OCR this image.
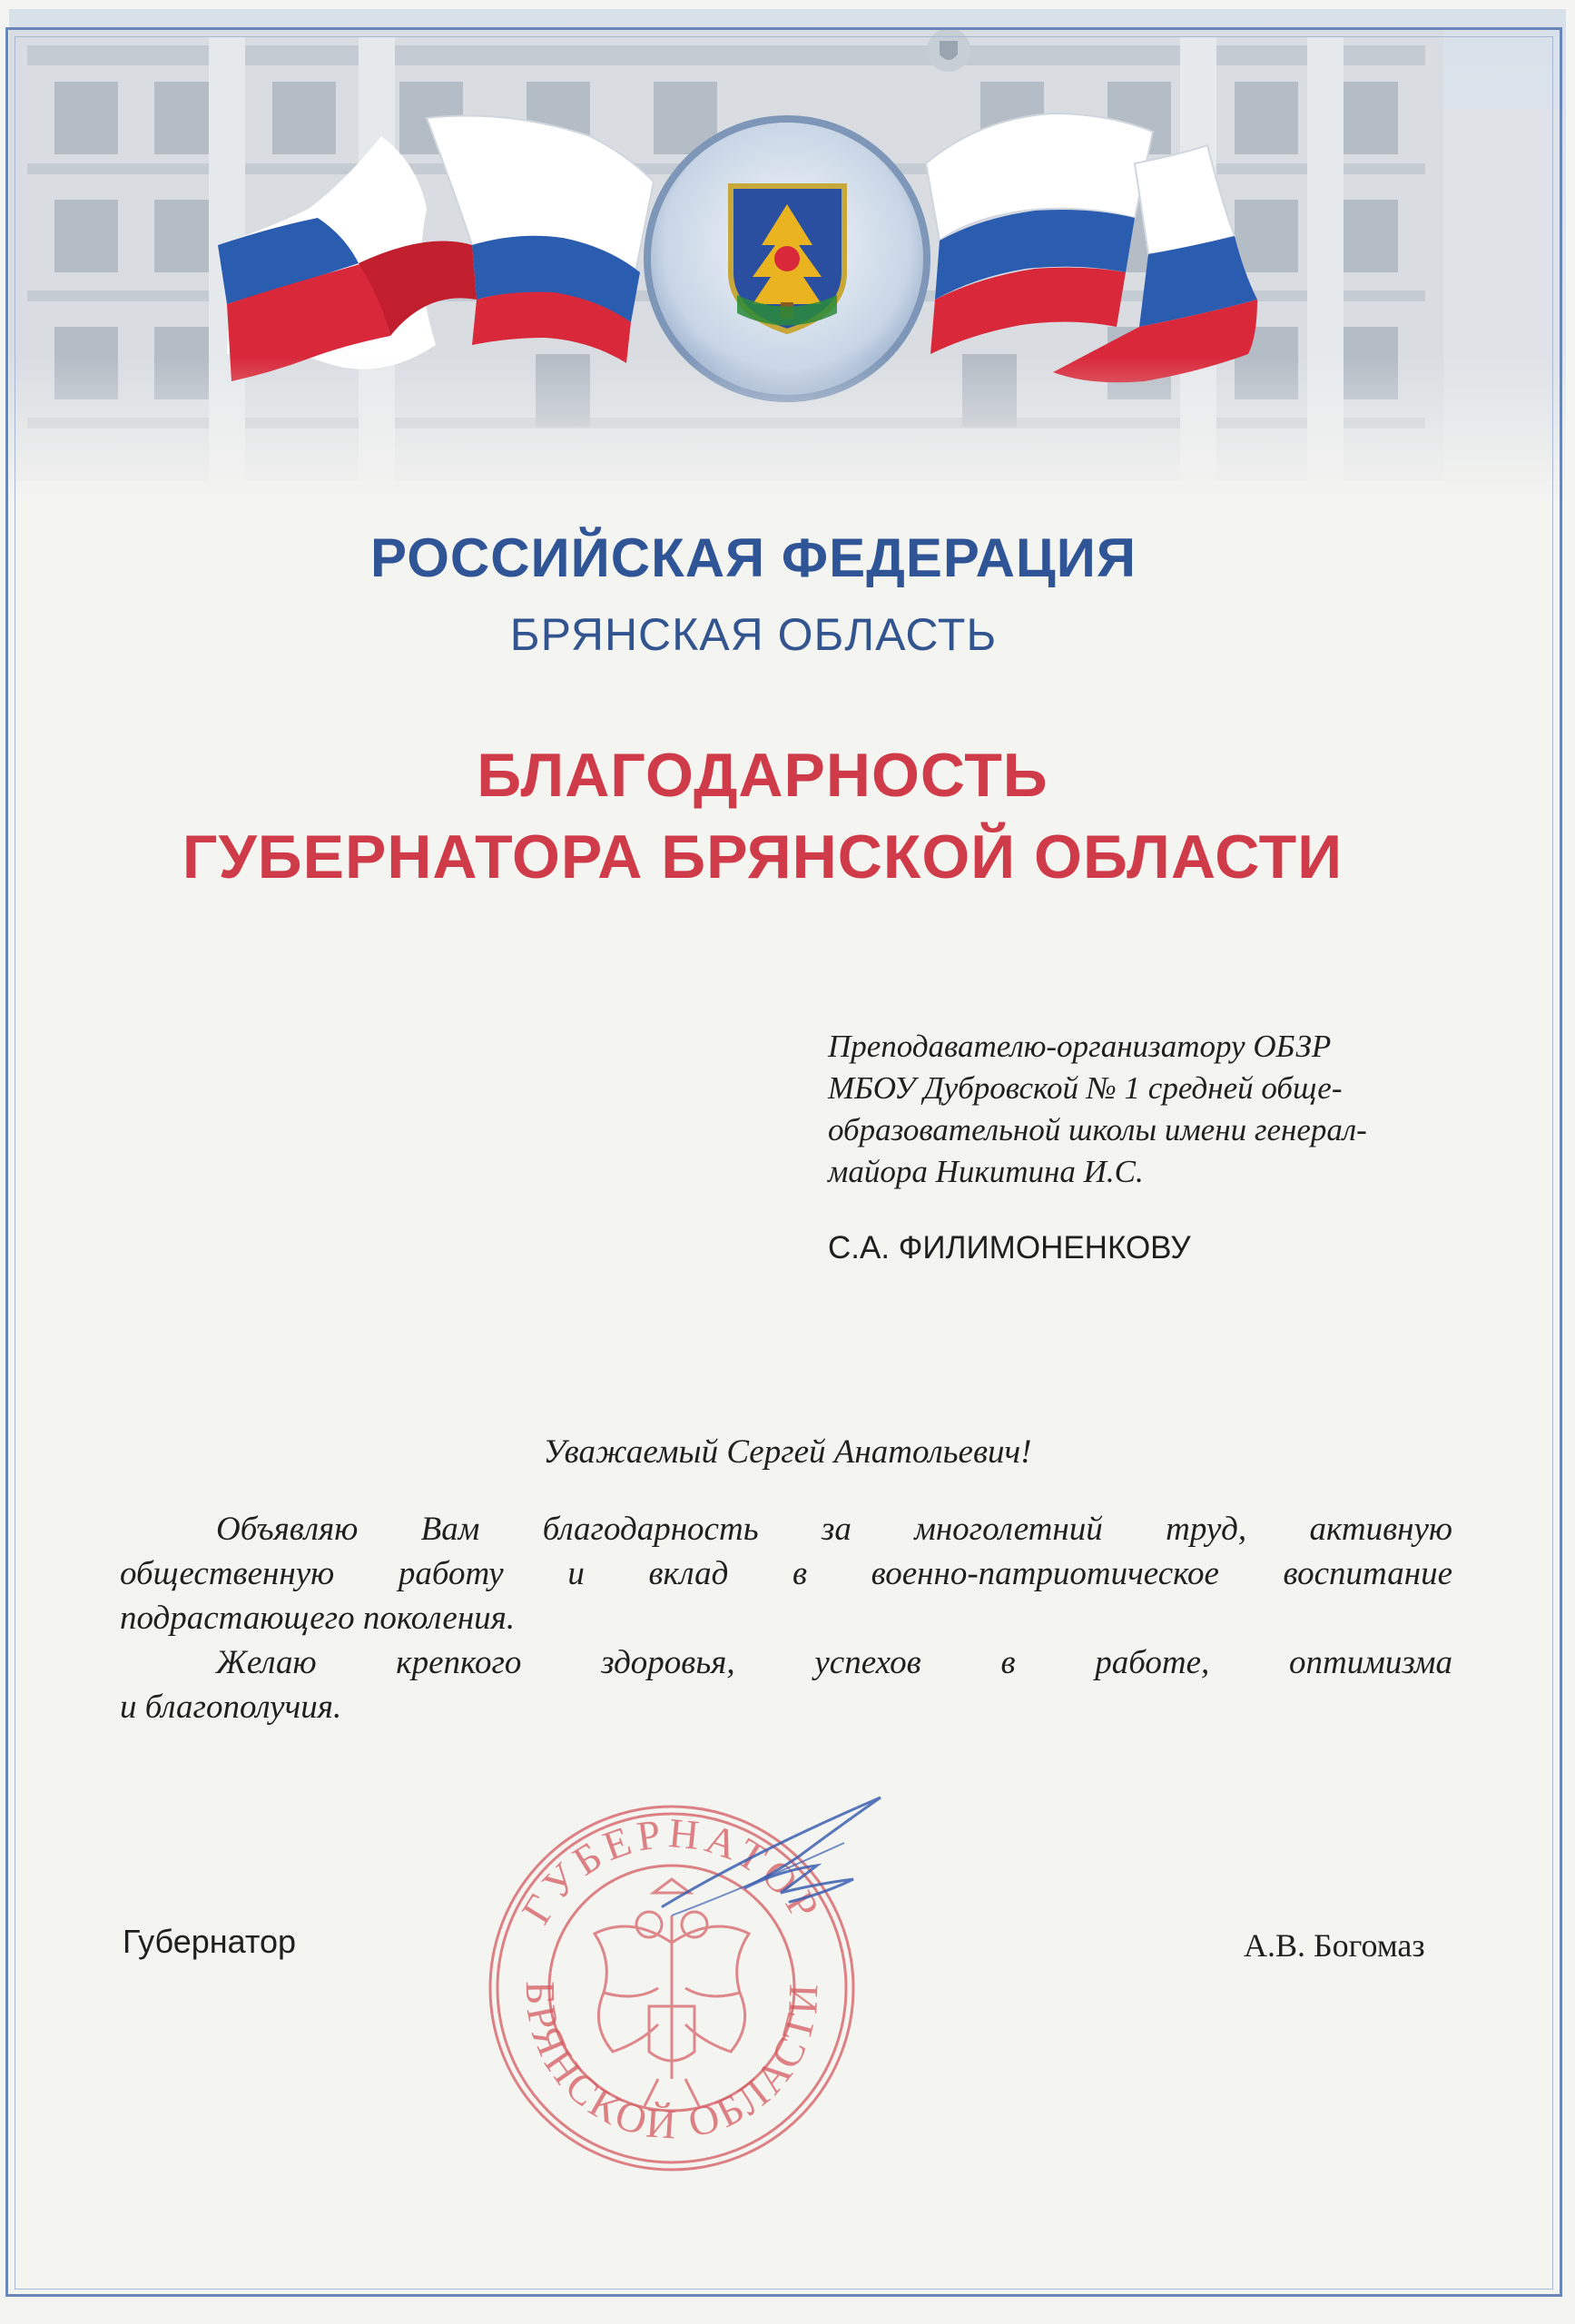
РОССИЙСКАЯ ФЕДЕРАЦИЯ
БРЯНСКАЯ ОБЛАСТЬ
БЛАГОДАРНОСТЬ
ГУБЕРНАТОРА БРЯНСКОЙ ОБЛАСТИ
Преподавателю-организатору ОБЗР
МБОУ Дубровской № 1 средней обще-
образовательной школы имени генерал-
майора Никитина И.С.
С.А. ФИЛИМОНЕНКОВУ
Уважаемый Сергей Анатольевич!
Объявляю Вам благодарность за многолетний труд, активную
общественную работу и вклад в военно-патриотическое воспитание
подрастающего поколения.
Желаю крепкого здоровья, успехов в работе, оптимизма
и благополучия.
Губернатор	А.В. Богомаз
ГУБЕРНАТОР
БРЯНСКОЙ ОБЛАСТИ
